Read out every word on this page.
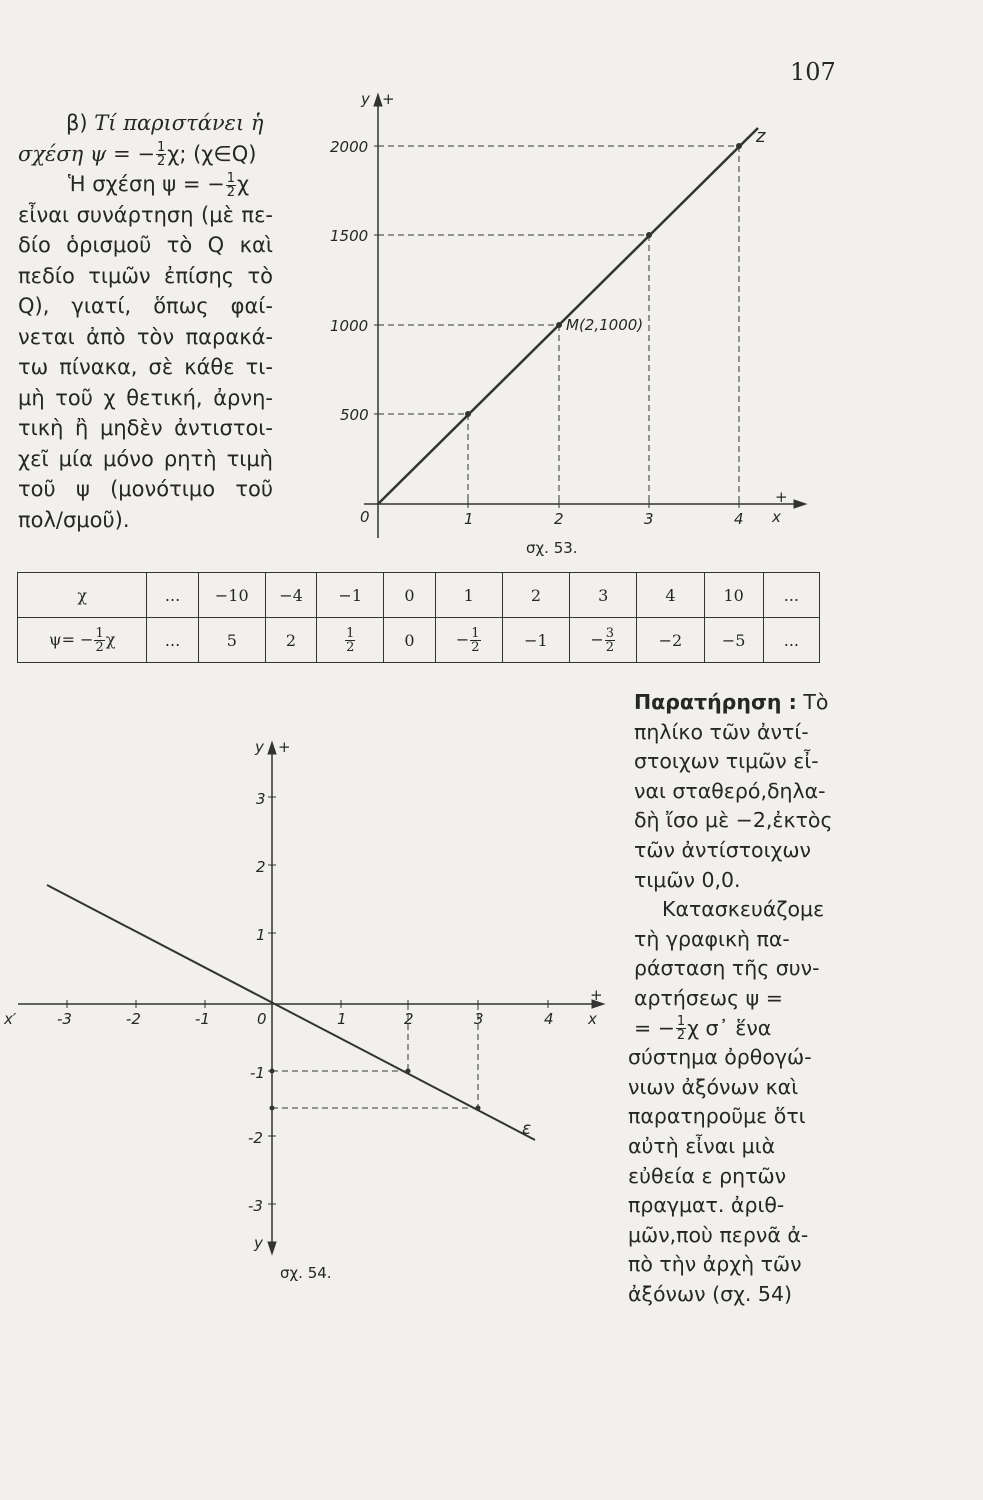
107
β) Τί παριστάνει ἡ
σχέση ψ = − $\frac{1}{2} \chi$; (χ∈Q)
Ἡ σχέση ψ = − $\frac{1}{2}$ χ
εἶναι συνάρτηση (μὲ πε-
δίο ὁρισμοῦ τὸ Q καὶ
πεδίο τιμῶν ἐπίσης τὸ
Q), γιατί, ὅπως φαί-
νεται ἀπὸ τὸν παρακά-
τω πίνακα, σὲ κάθε τι-
μὴ τοῦ χ θετική, ἀρνη-
τικὴ ἢ μηδὲν ἀντιστοι-
χεῖ μία μόνο ρητὴ τιμὴ
τοῦ ψ (μονότιμο τοῦ
πολ/σμοῦ).
y +
2000
1500
1000
500
0	1	2	3	4 x
+
z
M(2,1000)
σχ. 53.
χ	...	−10	−4	−1	0	1	2	3	4	10	...
$\psi= - \frac{1}{2}$ χ	...	5	2	$\frac{1}{2}$	0	− $\frac{1}{2}$	−1	− $\frac{3}{2}$	−2	−5	...
y +
3
2
1
-1
-2
-3
y
x′	-3	-2	-1	0	1	2	3	4
+
x
ε
σχ. 54.
Παρατήρηση : Τὸ
πηλίκο τῶν ἀντί-
στοιχων τιμῶν εἶ-
ναι σταθερό,δηλα-
δὴ ἴσο μὲ −2,ἐκτὸς
τῶν ἀντίστοιχων
τιμῶν 0,0.
Κατασκευάζομε
τὴ γραφικὴ πα-
ράσταση τῆς συν-
αρτήσεως ψ =
= − $\frac{1}{2}$ χ σ᾽ ἕνα
σύστημα ὀρθογώ-
νιων ἀξόνων καὶ
παρατηροῦμε ὅτι
αὐτὴ εἶναι μιὰ
εὐθεία ε ρητῶν
πραγματ. ἀριθ-
μῶν,ποὺ περνᾶ ἀ-
πὸ τὴν ἀρχὴ τῶν
ἀξόνων (σχ. 54)
